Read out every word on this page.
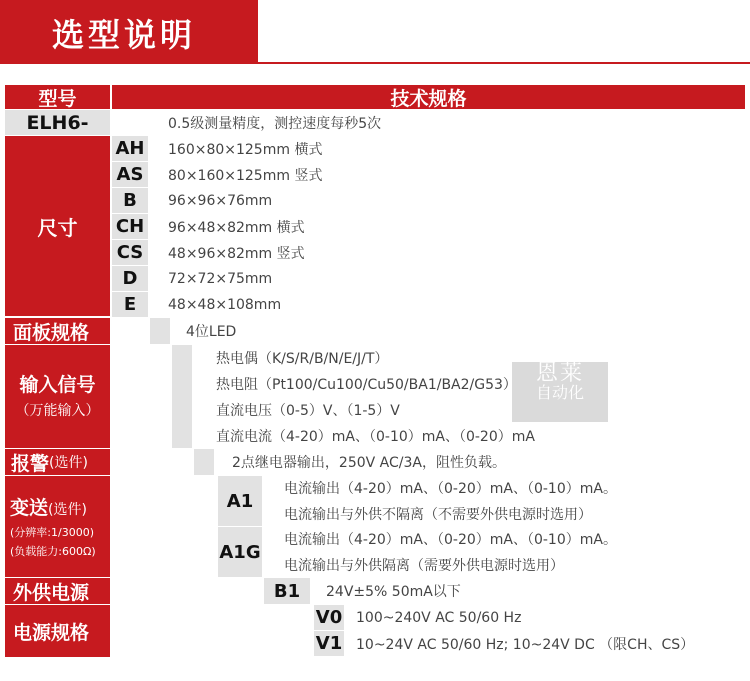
选型说明
型号	技术规格
ELH6-	0.5级测量精度，测控速度每秒5次
尺寸
AH	160×80×125mm 横式
AS	80×160×125mm 竖式
B	96×96×76mm
CH	96×48×82mm 横式
CS	48×96×82mm 竖式
D	72×72×75mm
E	48×48×108mm
面板规格	4位LED
输入信号
（万能输入）
热电偶（K/S/R/B/N/E/J/T）
热电阻（Pt100/Cu100/Cu50/BA1/BA2/G53）
直流电压（0-5）V、（1-5）V
直流电流（4-20）mA、（0-10）mA、（0-20）mA
恩莱
自动化
报警 (选件)	2点继电器输出，250V AC/3A，阻性负载。
变送(选件)
(分辨率:1/3000)
(负载能力:600Ω)
A1
电流输出（4-20）mA、（0-20）mA、（0-10）mA。
电流输出与外供不隔离（不需要外供电源时选用）
A1G
电流输出（4-20）mA、（0-20）mA、（0-10）mA。
电流输出与外供隔离（需要外供电源时选用）
外供电源	B1	24V±5% 50mA以下
电源规格
V0 100~240V AC 50/60 Hz
V1 10~24V AC 50/60 Hz; 10~24V DC （限CH、CS）
